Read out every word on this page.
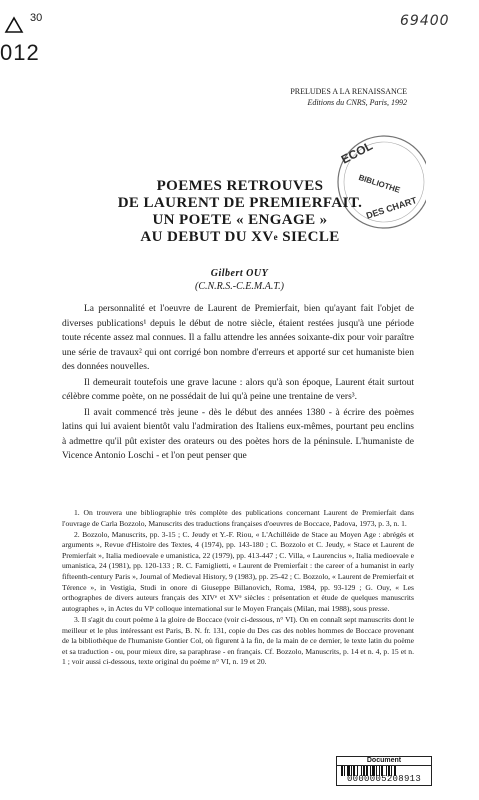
30
012
69400
PRELUDES A LA RENAISSANCE
Editions du CNRS, Paris, 1992
ECOL
BIBLIOTHE
DES CHART
POEMES RETROUVES
DE LAURENT DE PREMIERFAIT.
UN POETE « ENGAGE »
AU DEBUT DU XVe SIECLE
Gilbert OUY
(C.N.R.S.-C.E.M.A.T.)

La personnalité et l'oeuvre de Laurent de Premierfait, bien qu'ayant fait l'objet de diverses publications¹ depuis le début de notre siècle, étaient restées jusqu'à une période toute récente assez mal connues. Il a fallu attendre les années soixante-dix pour voir paraître une série de travaux² qui ont corrigé bon nombre d'erreurs et apporté sur cet humaniste bien des données nouvelles.

Il demeurait toutefois une grave lacune : alors qu'à son époque, Laurent était surtout célèbre comme poète, on ne possédait de lui qu'à peine une trentaine de vers³.

Il avait commencé très jeune - dès le début des années 1380 - à écrire des poèmes latins qui lui avaient bientôt valu l'admiration des Italiens eux-mêmes, pourtant peu enclins à admettre qu'il pût exister des orateurs ou des poètes hors de la péninsule. L'humaniste de Vicence Antonio Loschi - et l'on peut penser que

1. On trouvera une bibliographie très complète des publications concernant Laurent de Premierfait dans l'ouvrage de Carla Bozzolo, Manuscrits des traductions françaises d'oeuvres de Boccace, Padova, 1973, p. 3, n. 1.

2. Bozzolo, Manuscrits, pp. 3-15 ; C. Jeudy et Y.-F. Riou, « L'Achilléide de Stace au Moyen Age : abrégés et arguments », Revue d'Histoire des Textes, 4 (1974), pp. 143-180 ; C. Bozzolo et C. Jeudy, « Stace et Laurent de Premierfait », Italia medioevale e umanistica, 22 (1979), pp. 413-447 ; C. Villa, « Laurencius », Italia medioevale e umanistica, 24 (1981), pp. 120-133 ; R. C. Famiglietti, « Laurent de Premierfait : the career of a humanist in early fifteenth-century Paris », Journal of Medieval History, 9 (1983), pp. 25-42 ; C. Bozzolo, « Laurent de Premierfait et Térence », in Vestigia, Studi in onore di Giuseppe Billanovich, Roma, 1984, pp. 93-129 ; G. Ouy, « Les orthographes de divers auteurs français des XIVᵉ et XVᵉ siècles : présentation et étude de quelques manuscrits autographes », in Actes du VIᵉ colloque international sur le Moyen Français (Milan, mai 1988), sous presse.

3. Il s'agit du court poème à la gloire de Boccace (voir ci-dessous, n° VI). On en connaît sept manuscrits dont le meilleur et le plus intéressant est Paris, B. N. fr. 131, copie du Des cas des nobles hommes de Boccace provenant de la bibliothèque de l'humaniste Gontier Col, où figurent à la fin, de la main de ce dernier, le texte latin du poème et sa traduction - ou, pour mieux dire, sa paraphrase - en français. Cf. Bozzolo, Manuscrits, p. 14 et n. 4, p. 15 et n. 1 ; voir aussi ci-dessous, texte original du poème n° VI, n. 19 et 20.

Document
0000005208913
